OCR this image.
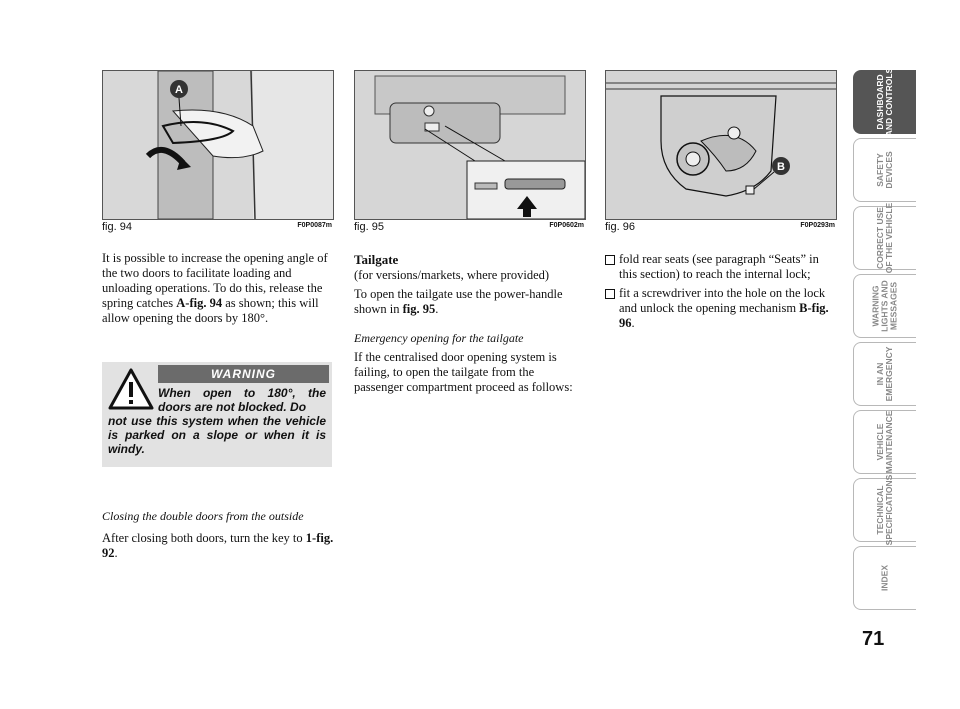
A
fig. 94	F0P0087m fig. 95	F0P0602m
B
fig. 96	F0P0293m
It is possible to increase the opening angle of the two doors to facilitate loading and unloading operations. To do this, release the spring catches A-fig. 94 as shown; this will allow opening the doors by 180°.
WARNING
When open to 180°, the doors are not blocked. Do
not use this system when the vehicle is parked on a slope or when it is windy.
Closing the double doors from the outside
After closing both doors, turn the key to 1-fig. 92.
Tailgate
(for versions/markets, where provided)
To open the tailgate use the power-handle shown in fig. 95.
Emergency opening for the tailgate
If the centralised door opening system is failing, to open the tailgate from the passenger compartment proceed as follows:
fold rear seats (see paragraph “Seats” in this section) to reach the internal lock;
fit a screwdriver into the hole on the lock and unlock the opening mechanism B-fig. 96.
DASHBOARD
AND CONTROLS
SAFETY
DEVICES
CORRECT USE
OF THE VEHICLE
WARNING
LIGHTS AND
MESSAGES
IN AN
EMERGENCY
VEHICLE
MAINTENANCE
TECHNICAL
SPECIFICATIONS
INDEX
71
